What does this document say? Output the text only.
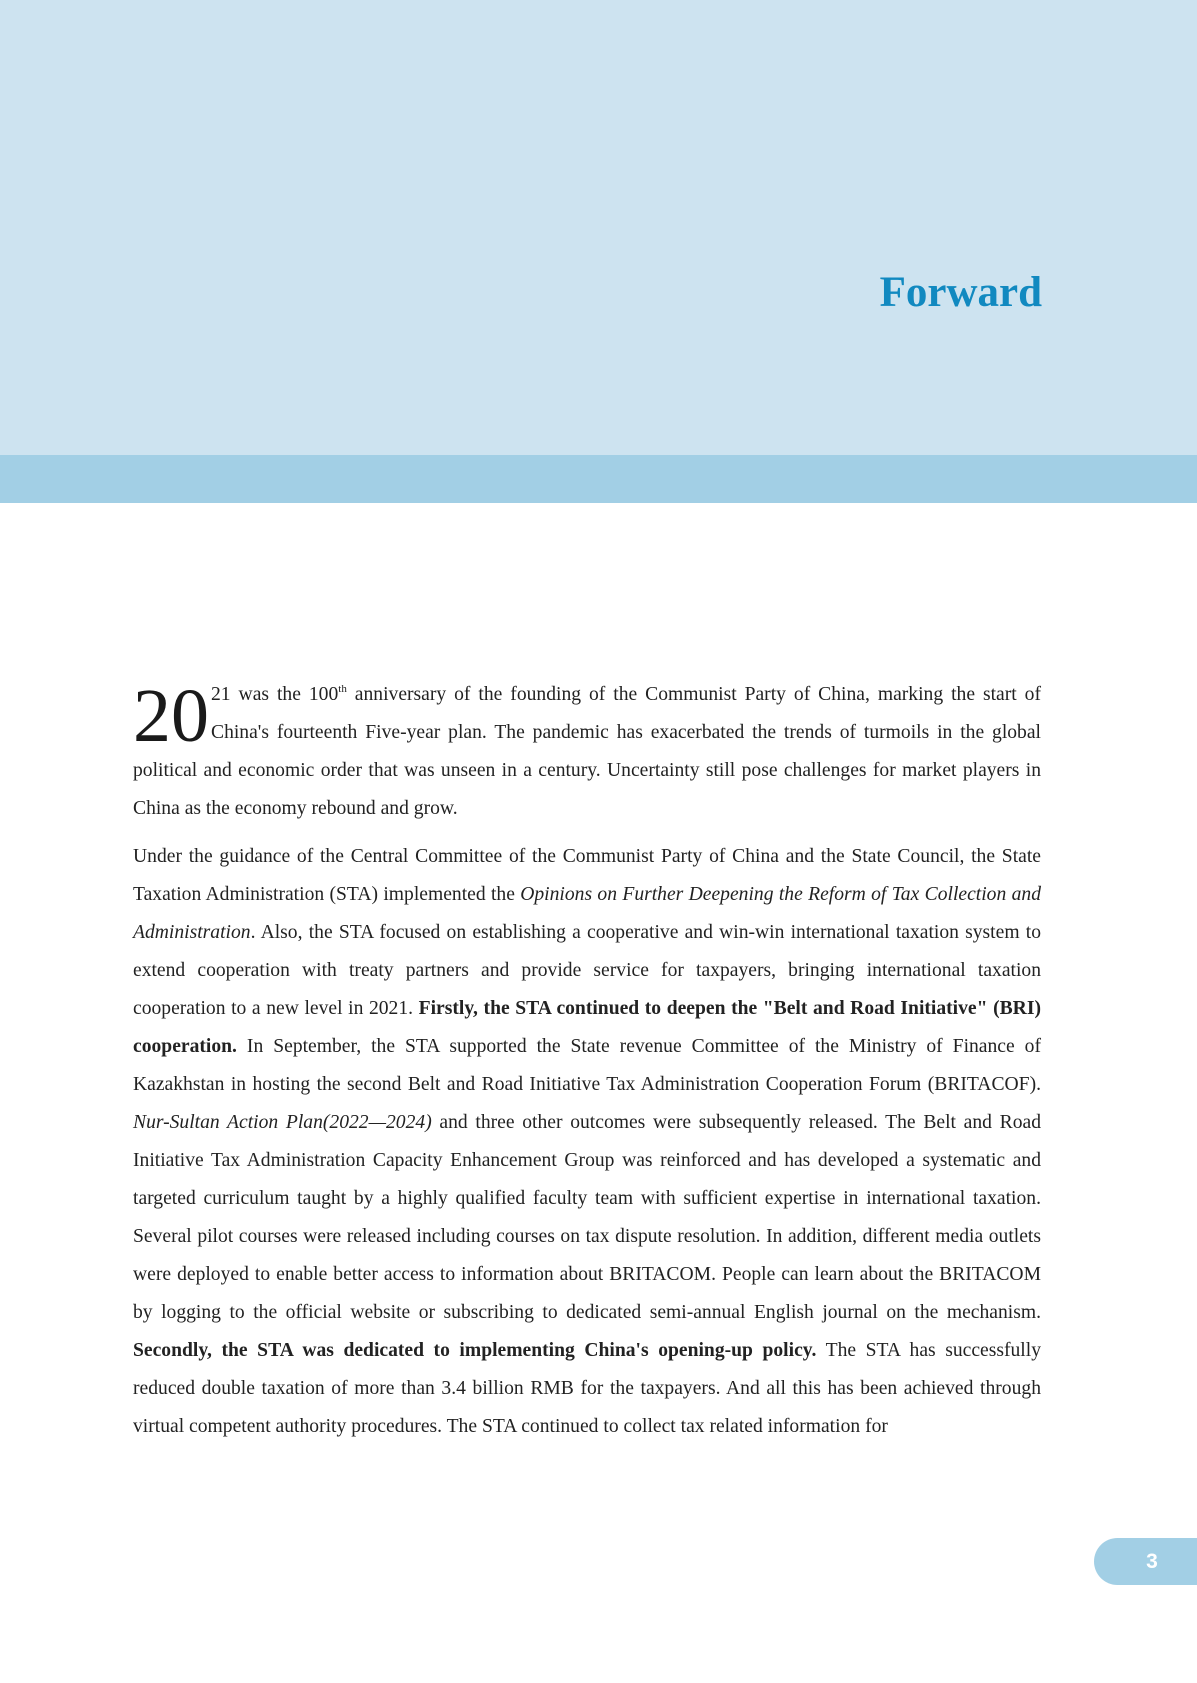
Forward

20 21 was the 100th anniversary of the founding of the Communist Party of China, marking the start of China's fourteenth Five-year plan. The pandemic has exacerbated the trends of turmoils in the global political and economic order that was unseen in a century. Uncertainty still pose challenges for market players in China as the economy rebound and grow.

Under the guidance of the Central Committee of the Communist Party of China and the State Council, the State Taxation Administration (STA) implemented the Opinions on Further Deepening the Reform of Tax Collection and Administration. Also, the STA focused on establishing a cooperative and win-win international taxation system to extend cooperation with treaty partners and provide service for taxpayers, bringing international taxation cooperation to a new level in 2021. Firstly, the STA continued to deepen the "Belt and Road Initiative" (BRI) cooperation. In September, the STA supported the State revenue Committee of the Ministry of Finance of Kazakhstan in hosting the second Belt and Road Initiative Tax Administration Cooperation Forum (BRITACOF). Nur-Sultan Action Plan(2022—2024) and three other outcomes were subsequently released. The Belt and Road Initiative Tax Administration Capacity Enhancement Group was reinforced and has developed a systematic and targeted curriculum taught by a highly qualified faculty team with sufficient expertise in international taxation. Several pilot courses were released including courses on tax dispute resolution. In addition, different media outlets were deployed to enable better access to information about BRITACOM. People can learn about the BRITACOM by logging to the official website or subscribing to dedicated semi-annual English journal on the mechanism. Secondly, the STA was dedicated to implementing China's opening-up policy. The STA has successfully reduced double taxation of more than 3.4 billion RMB for the taxpayers. And all this has been achieved through virtual competent authority procedures. The STA continued to collect tax related information for

3
